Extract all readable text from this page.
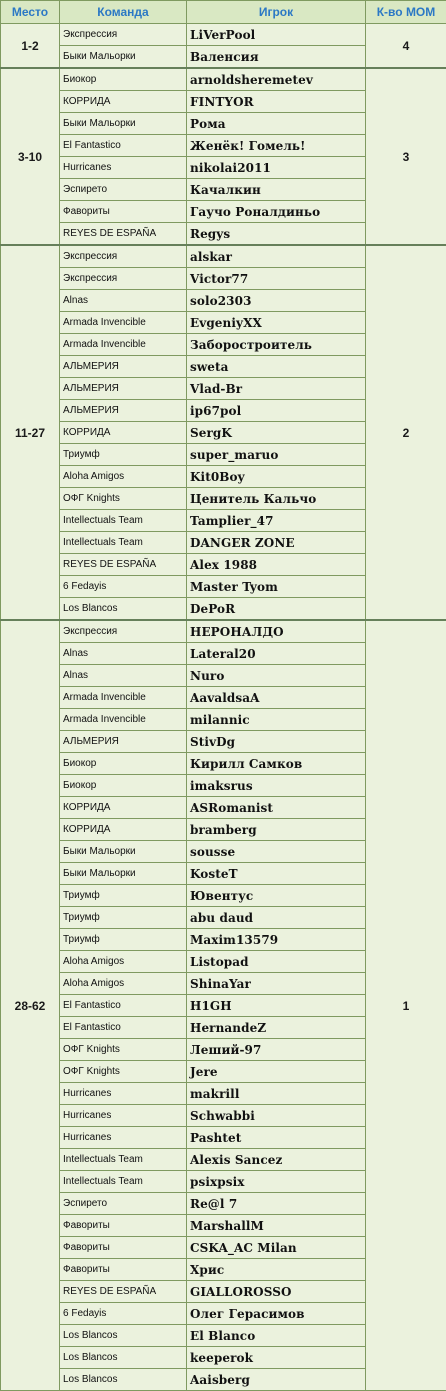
Место	Команда	Игрок	К-во МОМ
1-2	Экспрессия	LiVerPool	4
	Быки Мальорки	Валенсия	
3-10	Биокор	arnoldsheremetev	3
	КОРРИДА	FINTYOR	
	Быки Мальорки	Рома	
	El Fantastico	Женёк! Гомель!	
	Hurricanes	nikolai2011	
	Эспирето	Качалкин	
	Фавориты	Гаучо Роналдиньо	
	REYES DE ESPAÑA	Regys	
11-27	Экспрессия	alskar	2
	Экспрессия	Victor77	
	Alnas	solo2303	
	Armada Invencible	EvgeniyXX	
	Armada Invencible	Заборостроитель	
	АЛЬМЕРИЯ	sweta	
	АЛЬМЕРИЯ	Vlad-Br	
	АЛЬМЕРИЯ	ip67pol	
	КОРРИДА	SergK	
	Триумф	super_maruo	
	Aloha Amigos	Kit0Boy	
	ОФГ Knights	Ценитель Кальчо	
	Intellectuals Team	Tamplier_47	
	Intellectuals Team	DANGER ZONE	
	REYES DE ESPAÑA	Alex 1988	
	6 Fedayis	Master Tyom	
	Los Blancos	DePoR	
28-62	Экспрессия	НЕРОНАЛДО	1
	Alnas	Lateral20	
	Alnas	Nuro	
	Armada Invencible	AavaldsaA	
	Armada Invencible	milannic	
	АЛЬМЕРИЯ	StivDg	
	Биокор	Кирилл Самков	
	Биокор	imaksrus	
	КОРРИДА	ASRomanist	
	КОРРИДА	bramberg	
	Быки Мальорки	sousse	
	Быки Мальорки	KosteT	
	Триумф	Ювентус	
	Триумф	abu daud	
	Триумф	Maxim13579	
	Aloha Amigos	Listopad	
	Aloha Amigos	ShinaYar	
	El Fantastico	H1GH	
	El Fantastico	HernandeZ	
	ОФГ Knights	Леший-97	
	ОФГ Knights	Jere	
	Hurricanes	makrill	
	Hurricanes	Schwabbi	
	Hurricanes	Pashtet	
	Intellectuals Team	Alexis Sancez	
	Intellectuals Team	psixpsix	
	Эспирето	Re@l 7	
	Фавориты	MarshallM	
	Фавориты	CSKA_AC Milan	
	Фавориты	Хрис	
	REYES DE ESPAÑA	GIALLOROSSO	
	6 Fedayis	Олег Герасимов	
	Los Blancos	El Blanco	
	Los Blancos	keeperok	
	Los Blancos	Aaisberg	
